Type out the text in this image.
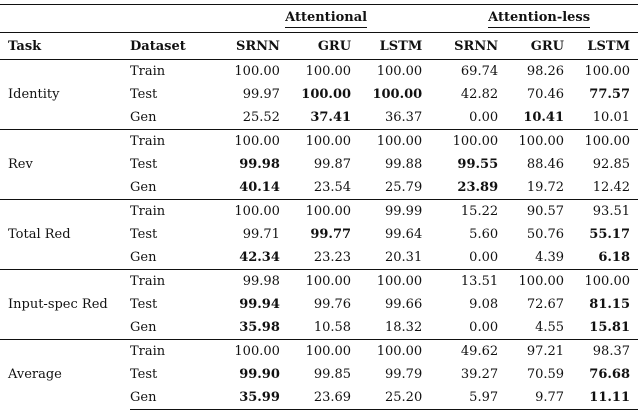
		Attentional				Attention-less		
Task	Dataset	SRNN	GRU	LSTM		SRNN	GRU	LSTM
Identity	Train	100.00	100.00	100.00		69.74	98.26	100.00
	Test	99.97	100.00	100.00		42.82	70.46	77.57
	Gen	25.52	37.41	36.37		0.00	10.41	10.01
Rev	Train	100.00	100.00	100.00		100.00	100.00	100.00
	Test	99.98	99.87	99.88		99.55	88.46	92.85
	Gen	40.14	23.54	25.79		23.89	19.72	12.42
Total Red	Train	100.00	100.00	99.99		15.22	90.57	93.51
	Test	99.71	99.77	99.64		5.60	50.76	55.17
	Gen	42.34	23.23	20.31		0.00	4.39	6.18
Input-spec Red	Train	99.98	100.00	100.00		13.51	100.00	100.00
	Test	99.94	99.76	99.66		9.08	72.67	81.15
	Gen	35.98	10.58	18.32		0.00	4.55	15.81
Average	Train	100.00	100.00	100.00		49.62	97.21	98.37
	Test	99.90	99.85	99.79		39.27	70.59	76.68
	Gen	35.99	23.69	25.20		5.97	9.77	11.11
